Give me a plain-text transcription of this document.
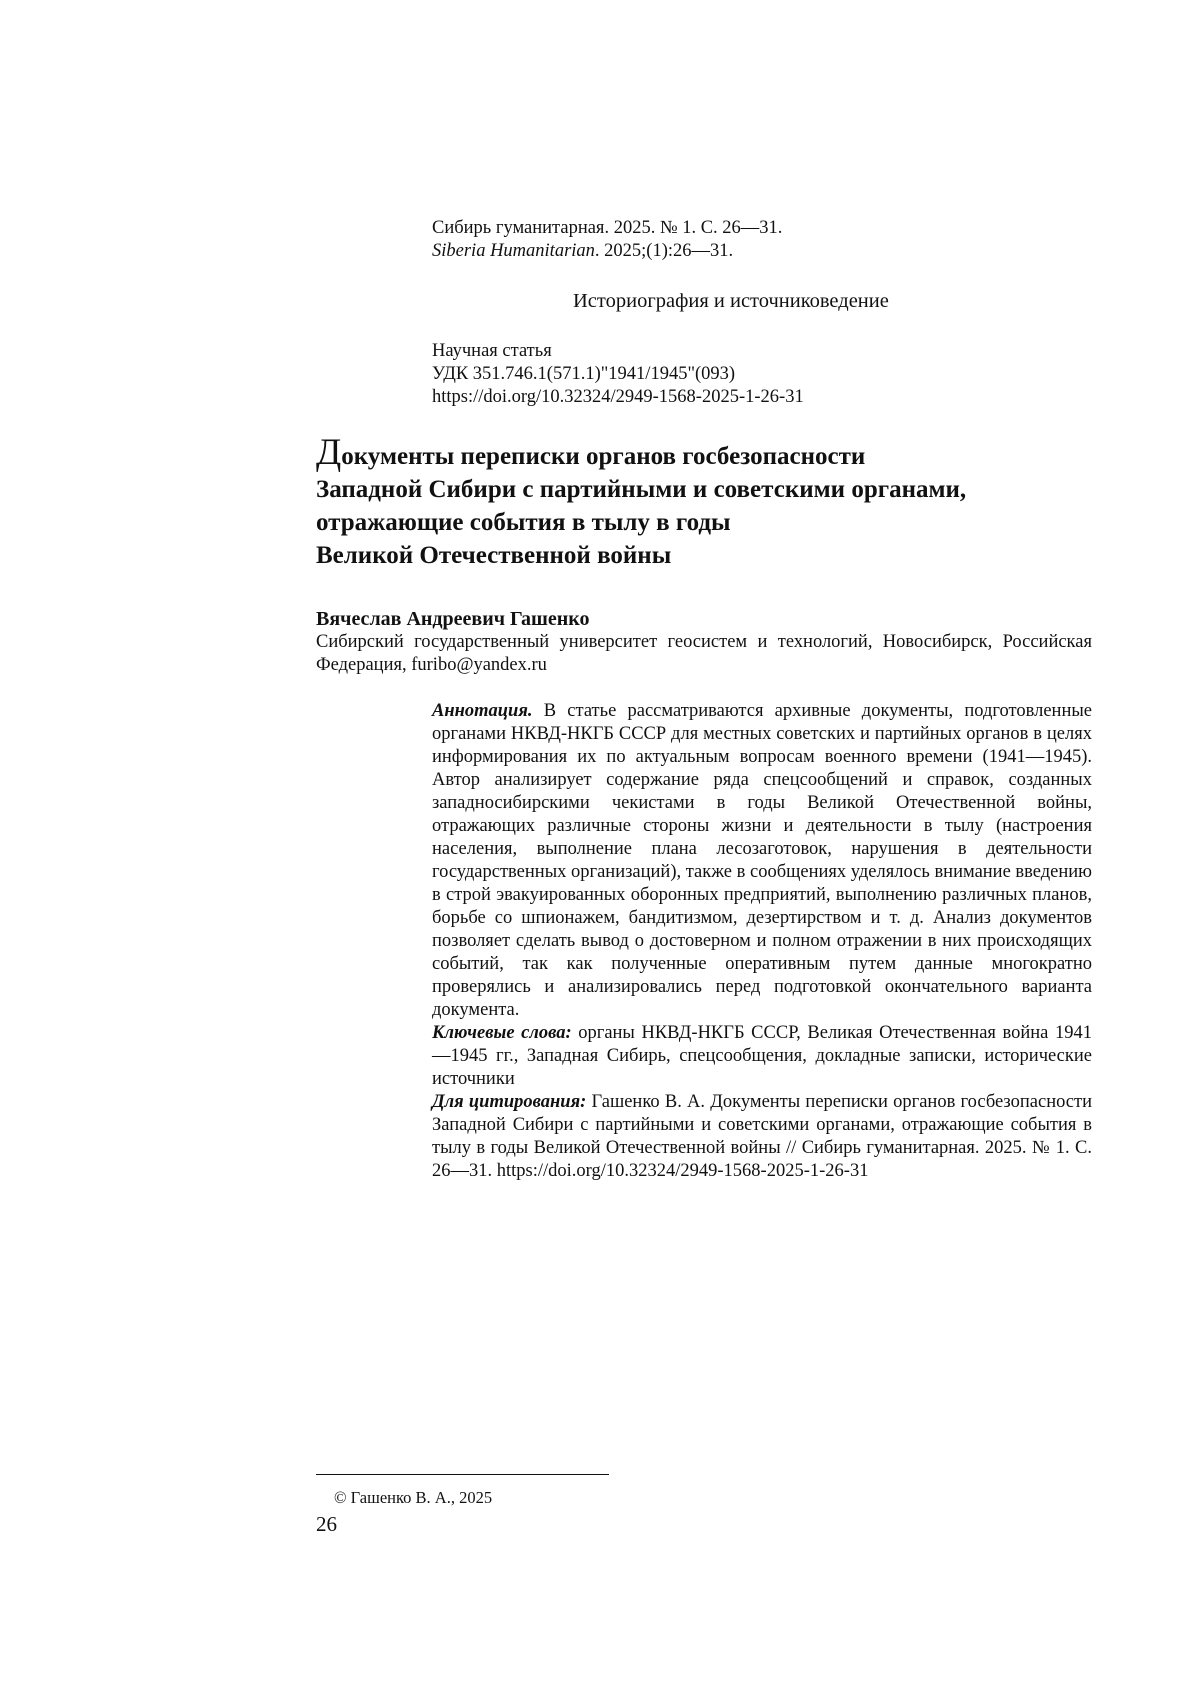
Сибирь гуманитарная. 2025. № 1. С. 26—31.
Siberia Humanitarian. 2025;(1):26—31.
Историография и источниковедение
Научная статья
УДК 351.746.1(571.1)"1941/1945"(093)
https://doi.org/10.32324/2949-1568-2025-1-26-31
Документы переписки органов госбезопасности
Западной Сибири с партийными и советскими органами,
отражающие события в тылу в годы
Великой Отечественной войны
Вячеслав Андреевич Гашенко
Сибирский государственный университет геосистем и технологий, Новосибирск, Российская Федерация, furibo@yandex.ru

Аннотация. В статье рассматриваются архивные документы, подготовленные органами НКВД-НКГБ СССР для местных советских и партийных органов в целях информирования их по актуальным вопросам военного времени (1941—1945). Автор анализирует содержание ряда спецсообщений и справок, созданных западносибирскими чекистами в годы Великой Отечественной войны, отражающих различные стороны жизни и деятельности в тылу (настроения населения, выполнение плана лесозаготовок, нарушения в деятельности государственных организаций), также в сообщениях уделялось внимание введению в строй эвакуированных оборонных предприятий, выполнению различных планов, борьбе со шпионажем, бандитизмом, дезертирством и т. д. Анализ документов позволяет сделать вывод о достоверном и полном отражении в них происходящих событий, так как полученные оперативным путем данные многократно проверялись и анализировались перед подготовкой окончательного варианта документа.

Ключевые слова: органы НКВД-НКГБ СССР, Великая Отечественная война 1941—1945 гг., Западная Сибирь, спецсообщения, докладные записки, исторические источники

Для цитирования: Гашенко В. А. Документы переписки органов госбезопасности Западной Сибири с партийными и советскими органами, отражающие события в тылу в годы Великой Отечественной войны // Сибирь гуманитарная. 2025. № 1. С. 26—31. https://doi.org/10.32324/2949-1568-2025-1-26-31

© Гашенко В. А., 2025
26
